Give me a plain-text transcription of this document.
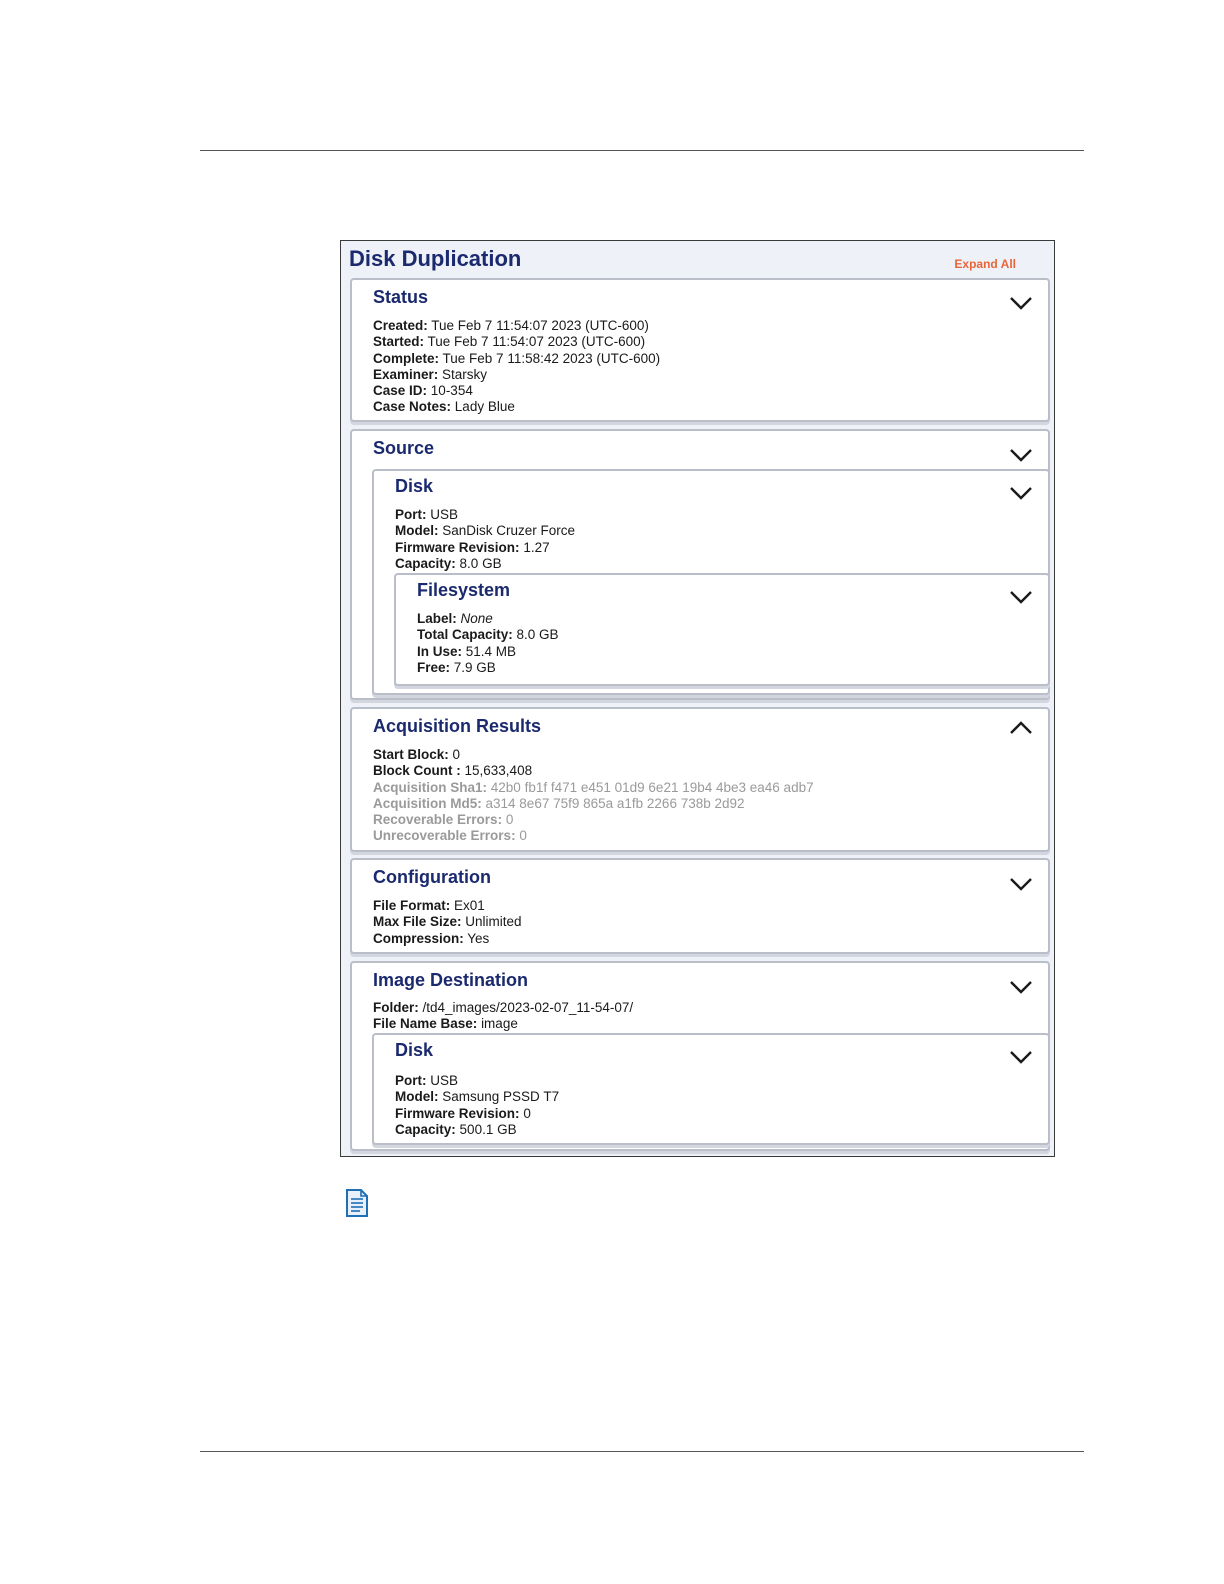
Disk Duplication	Expand All
Status
Created: Tue Feb 7 11:54:07 2023 (UTC-600)
Started: Tue Feb 7 11:54:07 2023 (UTC-600)
Complete: Tue Feb 7 11:58:42 2023 (UTC-600)
Examiner: Starsky
Case ID: 10-354
Case Notes: Lady Blue
Source
Disk
Port: USB
Model: SanDisk Cruzer Force
Firmware Revision: 1.27
Capacity: 8.0 GB
Filesystem
Label: None
Total Capacity: 8.0 GB
In Use: 51.4 MB
Free: 7.9 GB
Acquisition Results
Start Block: 0
Block Count : 15,633,408
Acquisition Sha1: 42b0 fb1f f471 e451 01d9 6e21 19b4 4be3 ea46 adb7
Acquisition Md5: a314 8e67 75f9 865a a1fb 2266 738b 2d92
Recoverable Errors: 0
Unrecoverable Errors: 0
Configuration
File Format: Ex01
Max File Size: Unlimited
Compression: Yes
Image Destination
Folder: /td4_images/2023-02-07_11-54-07/
File Name Base: image
Disk
Port: USB
Model: Samsung PSSD T7
Firmware Revision: 0
Capacity: 500.1 GB
